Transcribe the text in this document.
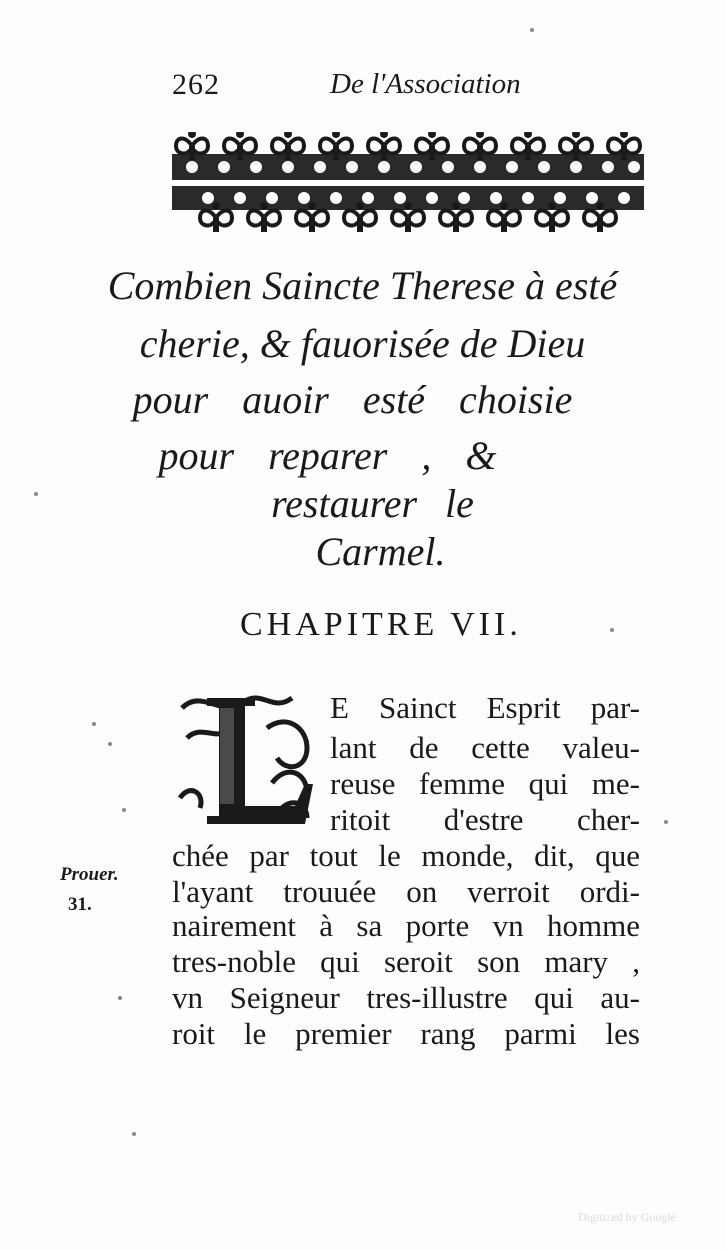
262	De l'Association
Combien Saincte Therese à esté
cherie, & fauorisée de Dieu
pour auoir esté choisie
pour reparer , &
restaurer le
Carmel.
CHAPITRE VII.
E Sainct Esprit par-
lant de cette valeu-
reuse femme qui me-
ritoit d'estre cher-
chée par tout le monde, dit, que
l'ayant trouuée on verroit ordi-
nairement à sa porte vn homme
tres-noble qui seroit son mary ,
vn Seigneur tres-illustre qui au-
roit le premier rang parmi les
Prouer.
31.
Digitized by Google
